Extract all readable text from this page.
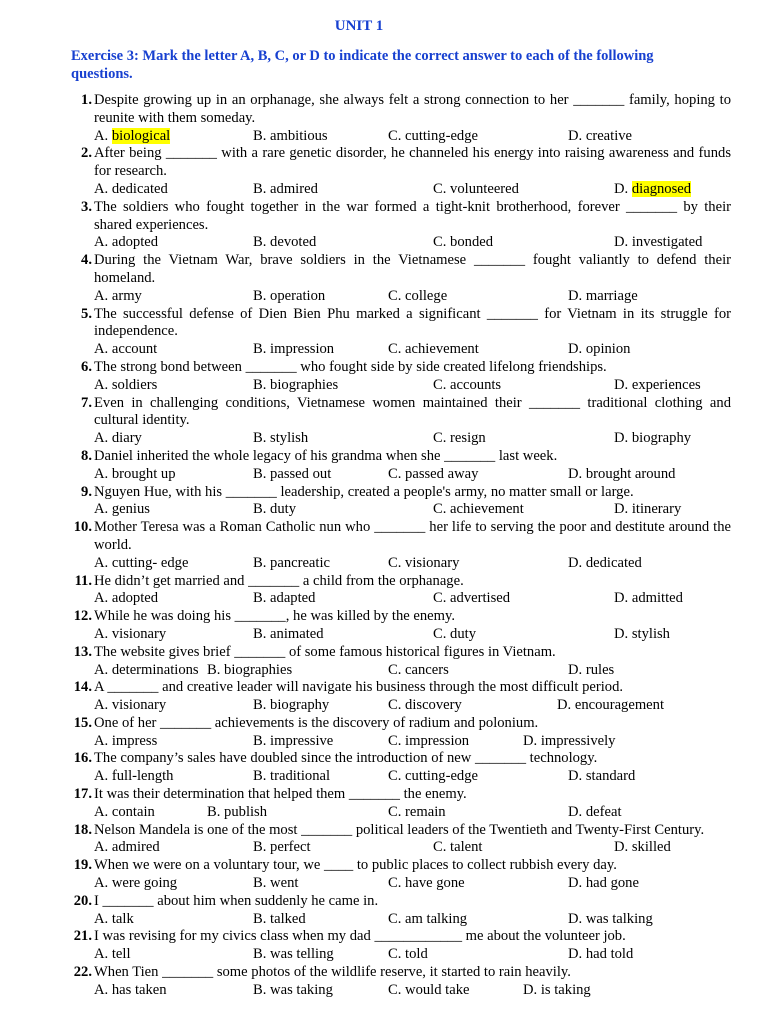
UNIT 1
Exercise 3: Mark the letter A, B, C, or D to indicate the correct answer to each of the following questions.
1. Despite growing up in an orphanage, she always felt a strong connection to her _______ family, hoping to reunite with them someday.
A. biological	B. ambitious	C. cutting-edge	D. creative
2. After being _______ with a rare genetic disorder, he channeled his energy into raising awareness and funds for research.
A. dedicated	B. admired	C. volunteered	D. diagnosed
3. The soldiers who fought together in the war formed a tight-knit brotherhood, forever _______ by their shared experiences.
A. adopted	B. devoted	C. bonded	D. investigated
4. During the Vietnam War, brave soldiers in the Vietnamese _______ fought valiantly to defend their homeland.
A. army	B. operation	C. college	D. marriage
5. The successful defense of Dien Bien Phu marked a significant _______ for Vietnam in its struggle for independence.
A. account	B. impression	C. achievement	D. opinion
6. The strong bond between _______ who fought side by side created lifelong friendships.
A. soldiers	B. biographies	C. accounts	D. experiences
7. Even in challenging conditions, Vietnamese women maintained their _______ traditional clothing and cultural identity.
A. diary	B. stylish	C. resign	D. biography
8. Daniel inherited the whole legacy of his grandma when she _______ last week.
A. brought up	B. passed out	C. passed away	D. brought around
9. Nguyen Hue, with his _______ leadership, created a people's army, no matter small or large.
A. genius	B. duty	C. achievement	D. itinerary
10. Mother Teresa was a Roman Catholic nun who _______ her life to serving the poor and destitute around the world.
A. cutting- edge	B. pancreatic	C. visionary	D. dedicated
11. He didn’t get married and _______ a child from the orphanage.
A. adopted	B. adapted	C. advertised	D. admitted
12. While he was doing his _______, he was killed by the enemy.
A. visionary	B. animated	C. duty	D. stylish
13. The website gives brief _______ of some famous historical figures in Vietnam.
A. determinations B. biographies	C. cancers	D. rules
14. A _______ and creative leader will navigate his business through the most difficult period.
A. visionary	B. biography	C. discovery	D. encouragement
15. One of her _______ achievements is the discovery of radium and polonium.
A. impress	B. impressive	C. impression	D. impressively
16. The company’s sales have doubled since the introduction of new _______ technology.
A. full-length	B. traditional	C. cutting-edge	D. standard
17. It was their determination that helped them _______ the enemy.
A. contain	B. publish	C. remain	D. defeat
18. Nelson Mandela is one of the most _______ political leaders of the Twentieth and Twenty-First Century.
A. admired	B. perfect	C. talent	D. skilled
19. When we were on a voluntary tour, we ____ to public places to collect rubbish every day.
A. were going	B. went	C. have gone	D. had gone
20. I _______ about him when suddenly he came in.
A. talk	B. talked	C. am talking	D. was talking
21. I was revising for my civics class when my dad ____________ me about the volunteer job.
A. tell	B. was telling	C. told	D. had told
22. When Tien _______ some photos of the wildlife reserve, it started to rain heavily.
A. has taken	B. was taking	C. would take	D. is taking
